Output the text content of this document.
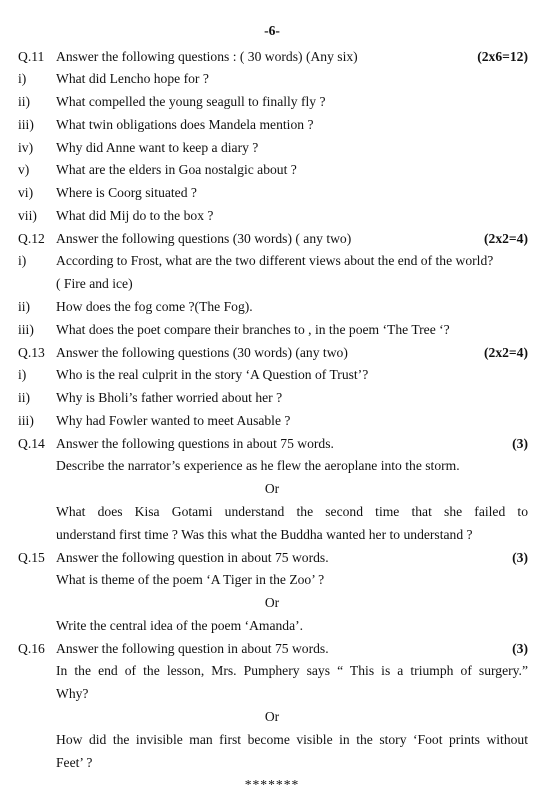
-6-
Q.11 Answer the following questions : ( 30 words) (Any six)	(2x6=12)
i) What did Lencho hope for ?
ii) What compelled the young seagull to finally fly ?
iii) What twin obligations does Mandela mention ?
iv) Why did Anne want to keep a diary ?
v) What are the elders in Goa nostalgic about ?
vi) Where is Coorg situated ?
vii) What did Mij do to the box ?
Q.12 Answer the following questions (30 words) ( any two)	(2x2=4)
i) According to Frost, what are the two different views about the end of the world?
( Fire and ice)
ii) How does the fog come ?(The Fog).
iii) What does the poet compare their branches to , in the poem ‘The Tree ‘?
Q.13 Answer the following questions (30 words) (any two)	(2x2=4)
i) Who is the real culprit in the story ‘A Question of Trust’?
ii) Why is Bholi’s father worried about her ?
iii) Why had Fowler wanted to meet Ausable ?
Q.14 Answer the following questions in about 75 words.	(3)
Describe the narrator’s experience as he flew the aeroplane into the storm.
Or
What does Kisa Gotami understand the second time that she failed to
understand first time ? Was this what the Buddha wanted her to understand ?
Q.15 Answer the following question in about 75 words.	(3)
What is theme of the poem ‘A Tiger in the Zoo’ ?
Or
Write the central idea of the poem ‘Amanda’.
Q.16 Answer the following question in about 75 words.	(3)
In the end of the lesson, Mrs. Pumphery says “ This is a triumph of surgery.”
Why?
Or
How did the invisible man first become visible in the story ‘Foot prints without
Feet’ ?
*******
